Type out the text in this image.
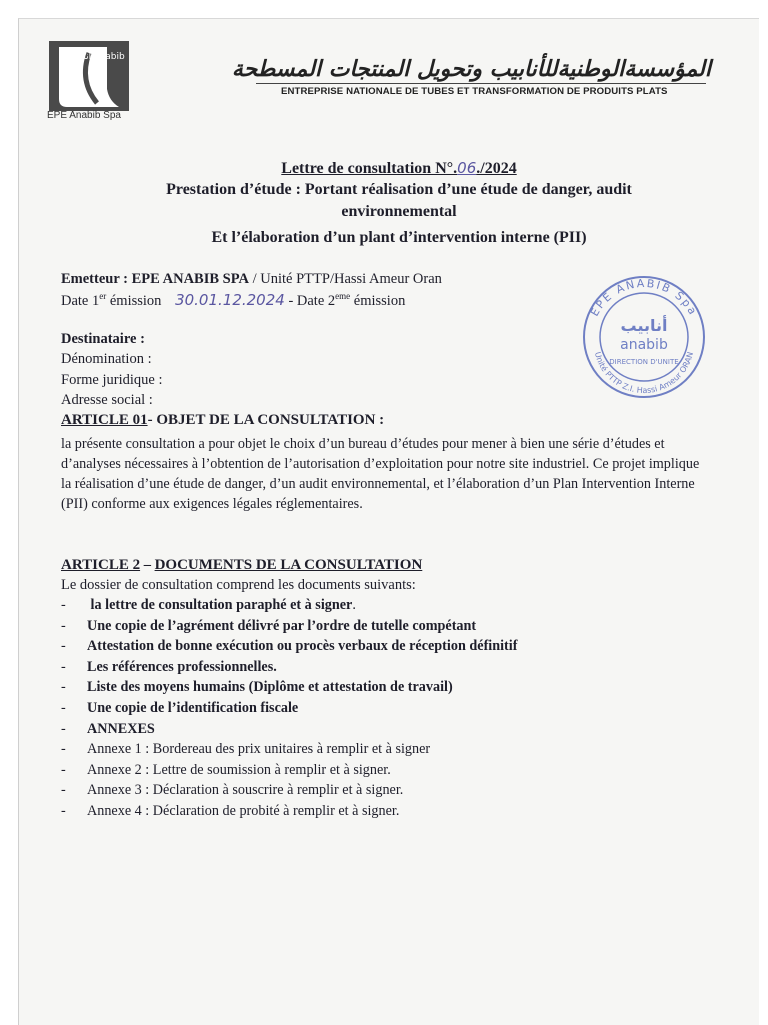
أنابيب anabib
EPE Anabib Spa
المؤسسةالوطنيةللأنابيب وتحويل المنتجات المسطحة
ENTREPRISE NATIONALE DE TUBES ET TRANSFORMATION DE PRODUITS PLATS
Lettre de consultation N°.06./2024
Prestation d’étude : Portant réalisation d’une étude de danger, audit
environnemental
Et l’élaboration d’un plant d’intervention interne (PII)
Emetteur : EPE ANABIB SPA / Unité PTTP/Hassi Ameur Oran
Date 1er émission 30.01.12.2024 - Date 2eme émission
Destinataire :
Dénomination :
Forme juridique :
Adresse social :
ARTICLE 01- OBJET DE LA CONSULTATION :
la présente consultation a pour objet le choix d’un bureau d’études pour mener à bien une série d’études et d’analyses nécessaires à l’obtention de l’autorisation d’exploitation pour notre site industriel. Ce projet implique la réalisation d’une étude de danger, d’un audit environnemental, et l’élaboration d’un Plan Intervention Interne (PII) conforme aux exigences légales réglementaires.
ARTICLE 2 – DOCUMENTS DE LA CONSULTATION
Le dossier de consultation comprend les documents suivants:
- la lettre de consultation paraphé et à signer.
- Une copie de l’agrément délivré par l’ordre de tutelle compétant
- Attestation de bonne exécution ou procès verbaux de réception définitif
- Les références professionnelles.
- Liste des moyens humains (Diplôme et attestation de travail)
- Une copie de l’identification fiscale
- ANNEXES
- Annexe 1 : Bordereau des prix unitaires à remplir et à signer
- Annexe 2 : Lettre de soumission à remplir et à signer.
- Annexe 3 : Déclaration à souscrire à remplir et à signer.
- Annexe 4 : Déclaration de probité à remplir et à signer.
EPE ANABIB Spa
Unité PTTP Z.I. Hassi Ameur ORAN
أنابيب
anabib
DIRECTION D'UNITE
